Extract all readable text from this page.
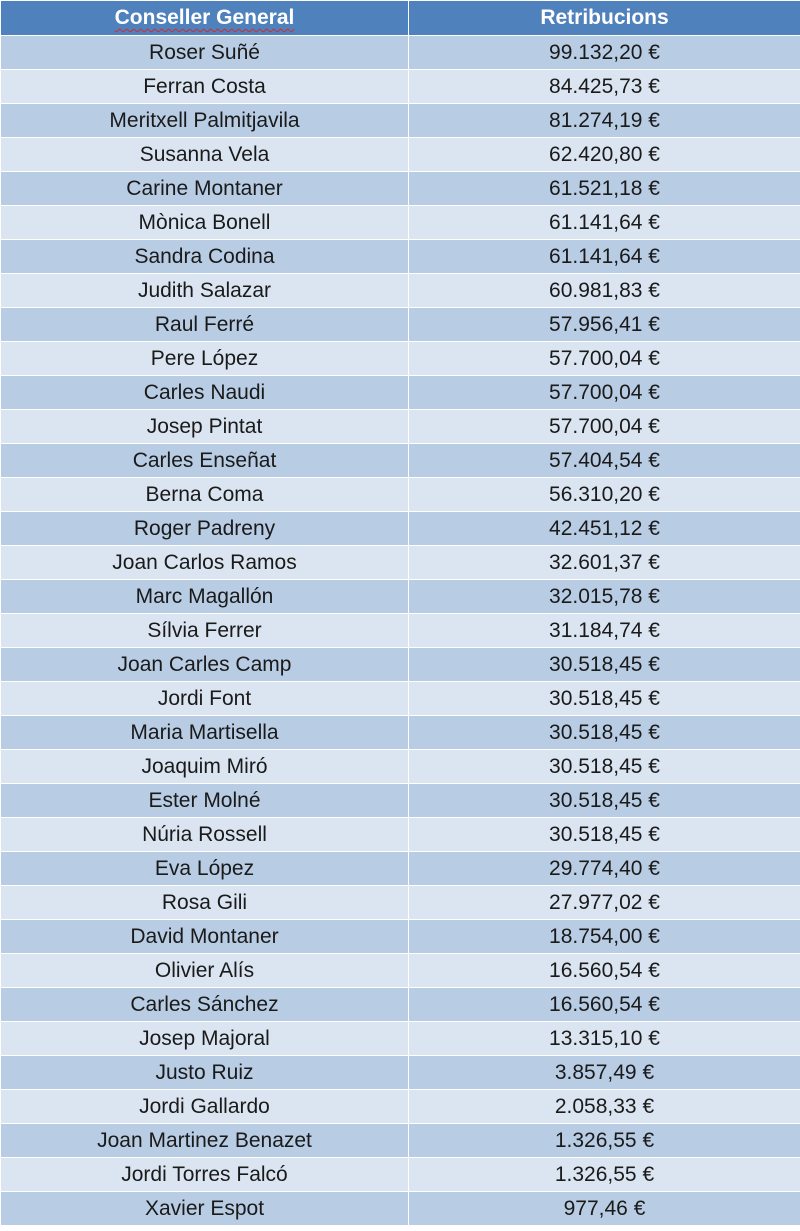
Conseller General	Retribucions
Roser Suñé	99.132,20 €
Ferran Costa	84.425,73 €
Meritxell Palmitjavila	81.274,19 €
Susanna Vela	62.420,80 €
Carine Montaner	61.521,18 €
Mònica Bonell	61.141,64 €
Sandra Codina	61.141,64 €
Judith Salazar	60.981,83 €
Raul Ferré	57.956,41 €
Pere López	57.700,04 €
Carles Naudi	57.700,04 €
Josep Pintat	57.700,04 €
Carles Enseñat	57.404,54 €
Berna Coma	56.310,20 €
Roger Padreny	42.451,12 €
Joan Carlos Ramos	32.601,37 €
Marc Magallón	32.015,78 €
Sílvia Ferrer	31.184,74 €
Joan Carles Camp	30.518,45 €
Jordi Font	30.518,45 €
Maria Martisella	30.518,45 €
Joaquim Miró	30.518,45 €
Ester Molné	30.518,45 €
Núria Rossell	30.518,45 €
Eva López	29.774,40 €
Rosa Gili	27.977,02 €
David Montaner	18.754,00 €
Olivier Alís	16.560,54 €
Carles Sánchez	16.560,54 €
Josep Majoral	13.315,10 €
Justo Ruiz	3.857,49 €
Jordi Gallardo	2.058,33 €
Joan Martinez Benazet	1.326,55 €
Jordi Torres Falcó	1.326,55 €
Xavier Espot	977,46 €
